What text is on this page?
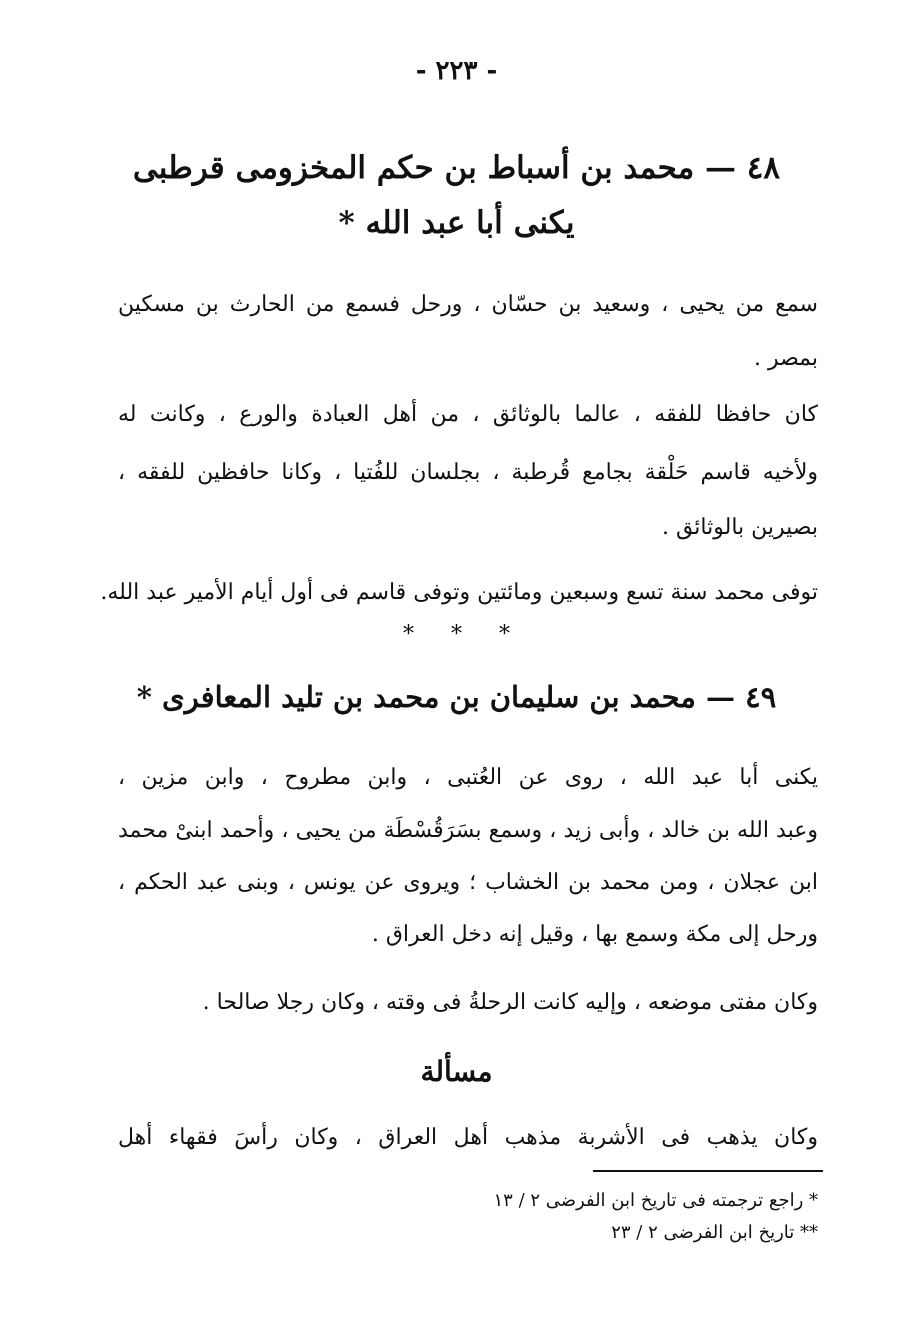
- ٢٢٣ -
٤٨ — محمد بن أسباط بن حكم المخزومى قرطبى
يكنى أبا عبد الله *
سمع من يحيى ، وسعيد بن حسّان ، ورحل فسمع من الحارث بن مسكين
بمصر .
كان حافظا للفقه ، عالما بالوثائق ، من أهل العبادة والورع ، وكانت له
ولأخيه قاسم حَلْقة بجامع قُرطبة ، بجلسان للفُتيا ، وكانا حافظين للفقه ،
بصيرين بالوثائق .
توفى محمد سنة تسع وسبعين ومائتين وتوفى قاسم فى أول أيام الأمير عبد الله.
* * *
٤٩ — محمد بن سليمان بن محمد بن تليد المعافرى *
يكنى أبا عبد الله ، روى عن العُتبى ، وابن مطروح ، وابن مزين ،
وعبد الله بن خالد ، وأبى زيد ، وسمع بسَرَقُسْطَة من يحيى ، وأحمد ابنىْ محمد
ابن عجلان ، ومن محمد بن الخشاب ؛ ويروى عن يونس ، وبنى عبد الحكم ،
ورحل إلى مكة وسمع بها ، وقيل إنه دخل العراق .
وكان مفتى موضعه ، وإليه كانت الرحلةُ فى وقته ، وكان رجلا صالحا .
مسألة
وكان يذهب فى الأشربة مذهب أهل العراق ، وكان رأسَ فقهاء أهل
* راجع ترجمته فى تاريخ ابن الفرضى ٢ / ١٣
** تاريخ ابن الفرضى ٢ / ٢٣
